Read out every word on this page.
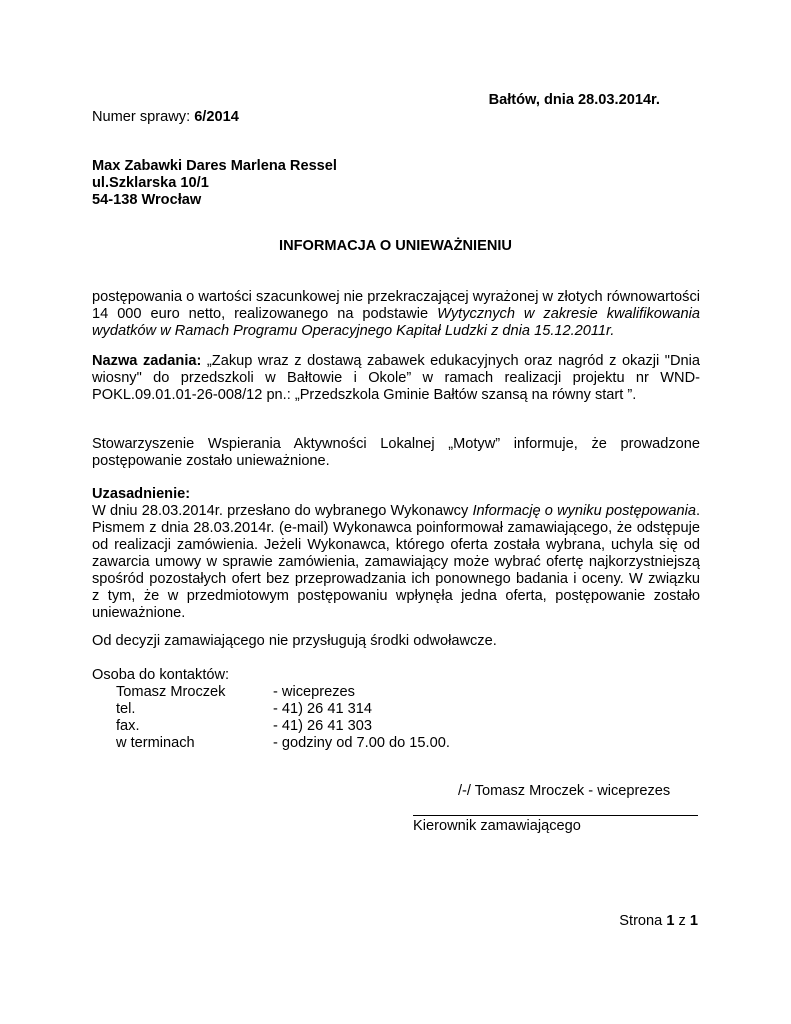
Bałtów, dnia 28.03.2014r.
Numer sprawy: 6/2014
Max Zabawki Dares Marlena Ressel
ul.Szklarska 10/1
54-138 Wrocław
INFORMACJA O UNIEWAŻNIENIU
postępowania o wartości szacunkowej nie przekraczającej wyrażonej w złotych równowartości
14 000 euro netto, realizowanego na podstawie Wytycznych w zakresie kwalifikowania
wydatków w Ramach Programu Operacyjnego Kapitał Ludzki z dnia 15.12.2011r.
Nazwa zadania: „Zakup wraz z dostawą zabawek edukacyjnych oraz nagród z okazji "Dnia
wiosny" do przedszkoli w Bałtowie i Okole” w ramach realizacji projektu nr WND-
POKL.09.01.01-26-008/12 pn.: „Przedszkola Gminie Bałtów szansą na równy start ”.
Stowarzyszenie Wspierania Aktywności Lokalnej „Motyw” informuje, że prowadzone
postępowanie zostało unieważnione.
Uzasadnienie:
W dniu 28.03.2014r. przesłano do wybranego Wykonawcy Informację o wyniku postępowania.
Pismem z dnia 28.03.2014r. (e-mail) Wykonawca poinformował zamawiającego, że odstępuje
od realizacji zamówienia. Jeżeli Wykonawca, którego oferta została wybrana, uchyla się od
zawarcia umowy w sprawie zamówienia, zamawiający może wybrać ofertę najkorzystniejszą
spośród pozostałych ofert bez przeprowadzania ich ponownego badania i oceny. W związku
z tym, że w przedmiotowym postępowaniu wpłynęła jedna oferta, postępowanie zostało
unieważnione.
Od decyzji zamawiającego nie przysługują środki odwoławcze.
Osoba do kontaktów:
Tomasz Mroczek	- wiceprezes
tel.	- 41) 26 41 314
fax.	- 41) 26 41 303
w terminach	- godziny od 7.00 do 15.00.
/-/ Tomasz Mroczek - wiceprezes
Kierownik zamawiającego
Strona 1 z 1
